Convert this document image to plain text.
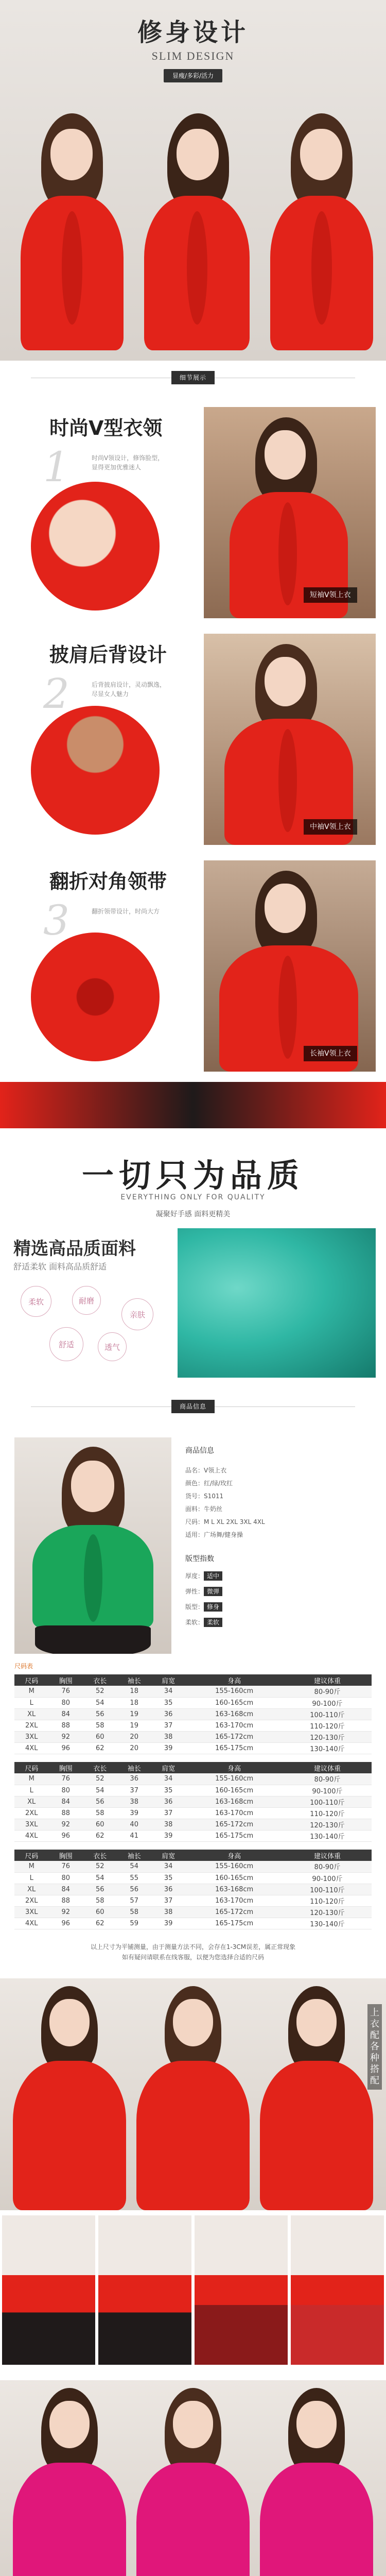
修身设计
SLIM DESIGN
显瘦/多彩/活力
细节展示
时尚V型衣领
1	时尚V领设计，修饰脸型，显得更加优雅迷人
短袖V领上衣
披肩后背设计
2	后背披肩设计，灵动飘逸，尽显女人魅力
中袖V领上衣
翻折对角领带
3	翻折领带设计，时尚大方
长袖V领上衣
一切只为品质
EVERYTHING ONLY FOR QUALITY
凝聚好手感 面料更精美
精选高品质面料
舒适柔软 面料高品质舒适
柔软
舒适
耐磨
透气
亲肤
商品信息
商品信息
品名：V领上衣
颜色：红/绿/玫红
货号：S1011
面料：牛奶丝
尺码：M L XL 2XL 3XL 4XL
适用：广场舞/健身操
版型指数
厚度： 适中
弹性： 微弹
版型： 修身
柔软： 柔软
尺码表
尺码	胸围	衣长	袖长	肩宽	身高	建议体重
M	76	52	18	34	155-160cm	80-90斤
L	80	54	18	35	160-165cm	90-100斤
XL	84	56	19	36	163-168cm	100-110斤
2XL	88	58	19	37	163-170cm	110-120斤
3XL	92	60	20	38	165-172cm	120-130斤
4XL	96	62	20	39	165-175cm	130-140斤
尺码	胸围	衣长	袖长	肩宽	身高	建议体重
M	76	52	36	34	155-160cm	80-90斤
L	80	54	37	35	160-165cm	90-100斤
XL	84	56	38	36	163-168cm	100-110斤
2XL	88	58	39	37	163-170cm	110-120斤
3XL	92	60	40	38	165-172cm	120-130斤
4XL	96	62	41	39	165-175cm	130-140斤
尺码	胸围	衣长	袖长	肩宽	身高	建议体重
M	76	52	54	34	155-160cm	80-90斤
L	80	54	55	35	160-165cm	90-100斤
XL	84	56	56	36	163-168cm	100-110斤
2XL	88	58	57	37	163-170cm	110-120斤
3XL	92	60	58	38	165-172cm	120-130斤
4XL	96	62	59	39	165-175cm	130-140斤
以上尺寸为平铺测量，由于测量方法不同，会存在1-3CM误差，属正常现象
如有疑问请联系在线客服，以便为您选择合适的尺码
上衣配各种搭配
